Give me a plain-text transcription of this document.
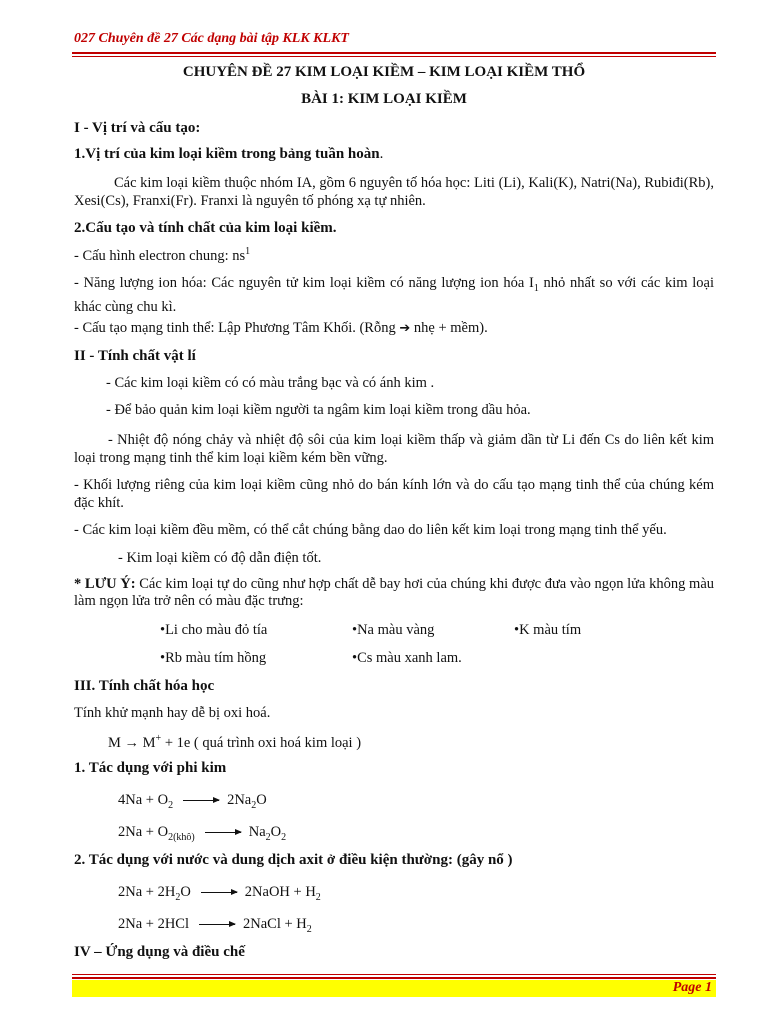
027 Chuyên đề 27 Các dạng bài tập KLK KLKT
CHUYÊN ĐỀ 27 KIM LOẠI KIỀM – KIM LOẠI KIỀM THỔ
BÀI 1: KIM LOẠI KIỀM
I - Vị trí và cấu tạo:
1.Vị trí của kim loại kiềm trong bảng tuần hoàn.
Các kim loại kiềm thuộc nhóm IA, gồm 6 nguyên tố hóa học: Liti (Li), Kali(K), Natri(Na), Rubiđi(Rb), Xesi(Cs), Franxi(Fr). Franxi là nguyên tố phóng xạ tự nhiên.
2.Cấu tạo và tính chất của kim loại kiềm.
- Cấu hình electron chung: $ns^1$
- Năng lượng ion hóa: Các nguyên tử kim loại kiềm có năng lượng ion hóa $I_1$ nhỏ nhất so với các kim loại khác cùng chu kì.
- Cấu tạo mạng tinh thể: Lập Phương Tâm Khối. (Rỗng ➔ nhẹ + mềm).
II - Tính chất vật lí
- Các kim loại kiềm có có màu trắng bạc và có ánh kim .
- Để bảo quản kim loại kiềm người ta ngâm kim loại kiềm trong dầu hỏa.
- Nhiệt độ nóng chảy và nhiệt độ sôi của kim loại kiềm thấp và giảm dần từ Li đến Cs do liên kết kim loại trong mạng tinh thể kim loại kiềm kém bền vững.
- Khối lượng riêng của kim loại kiềm cũng nhỏ do bán kính lớn và do cấu tạo mạng tinh thể của chúng kém đặc khít.
- Các kim loại kiềm đều mềm, có thể cắt chúng bằng dao do liên kết kim loại trong mạng tinh thể yếu.
- Kim loại kiềm có độ dẫn điện tốt.
* LƯU Ý: Các kim loại tự do cũng như hợp chất dễ bay hơi của chúng khi được đưa vào ngọn lửa không màu làm ngọn lửa trở nên có màu đặc trưng:
•Li cho màu đỏ tía	•Na màu vàng	•K màu tím
•Rb màu tím hồng	•Cs màu xanh lam.
III. Tính chất hóa học
Tính khử mạnh hay dễ bị oxi hoá.
M → M+ + 1e ( quá trình oxi hoá kim loại )
1. Tác dụng với phi kim
$4Na + O_2 \to 2Na_2O$
$2Na + O_{2(khô)} \to Na_2O_2$
2. Tác dụng với nước và dung dịch axit ở điều kiện thường: (gây nổ )
$2Na + 2H_2O$ → 2NaOH + $H_2$
2Na + 2HCl → 2NaCl + $H_2$
IV – Ứng dụng và điều chế
Page 1
